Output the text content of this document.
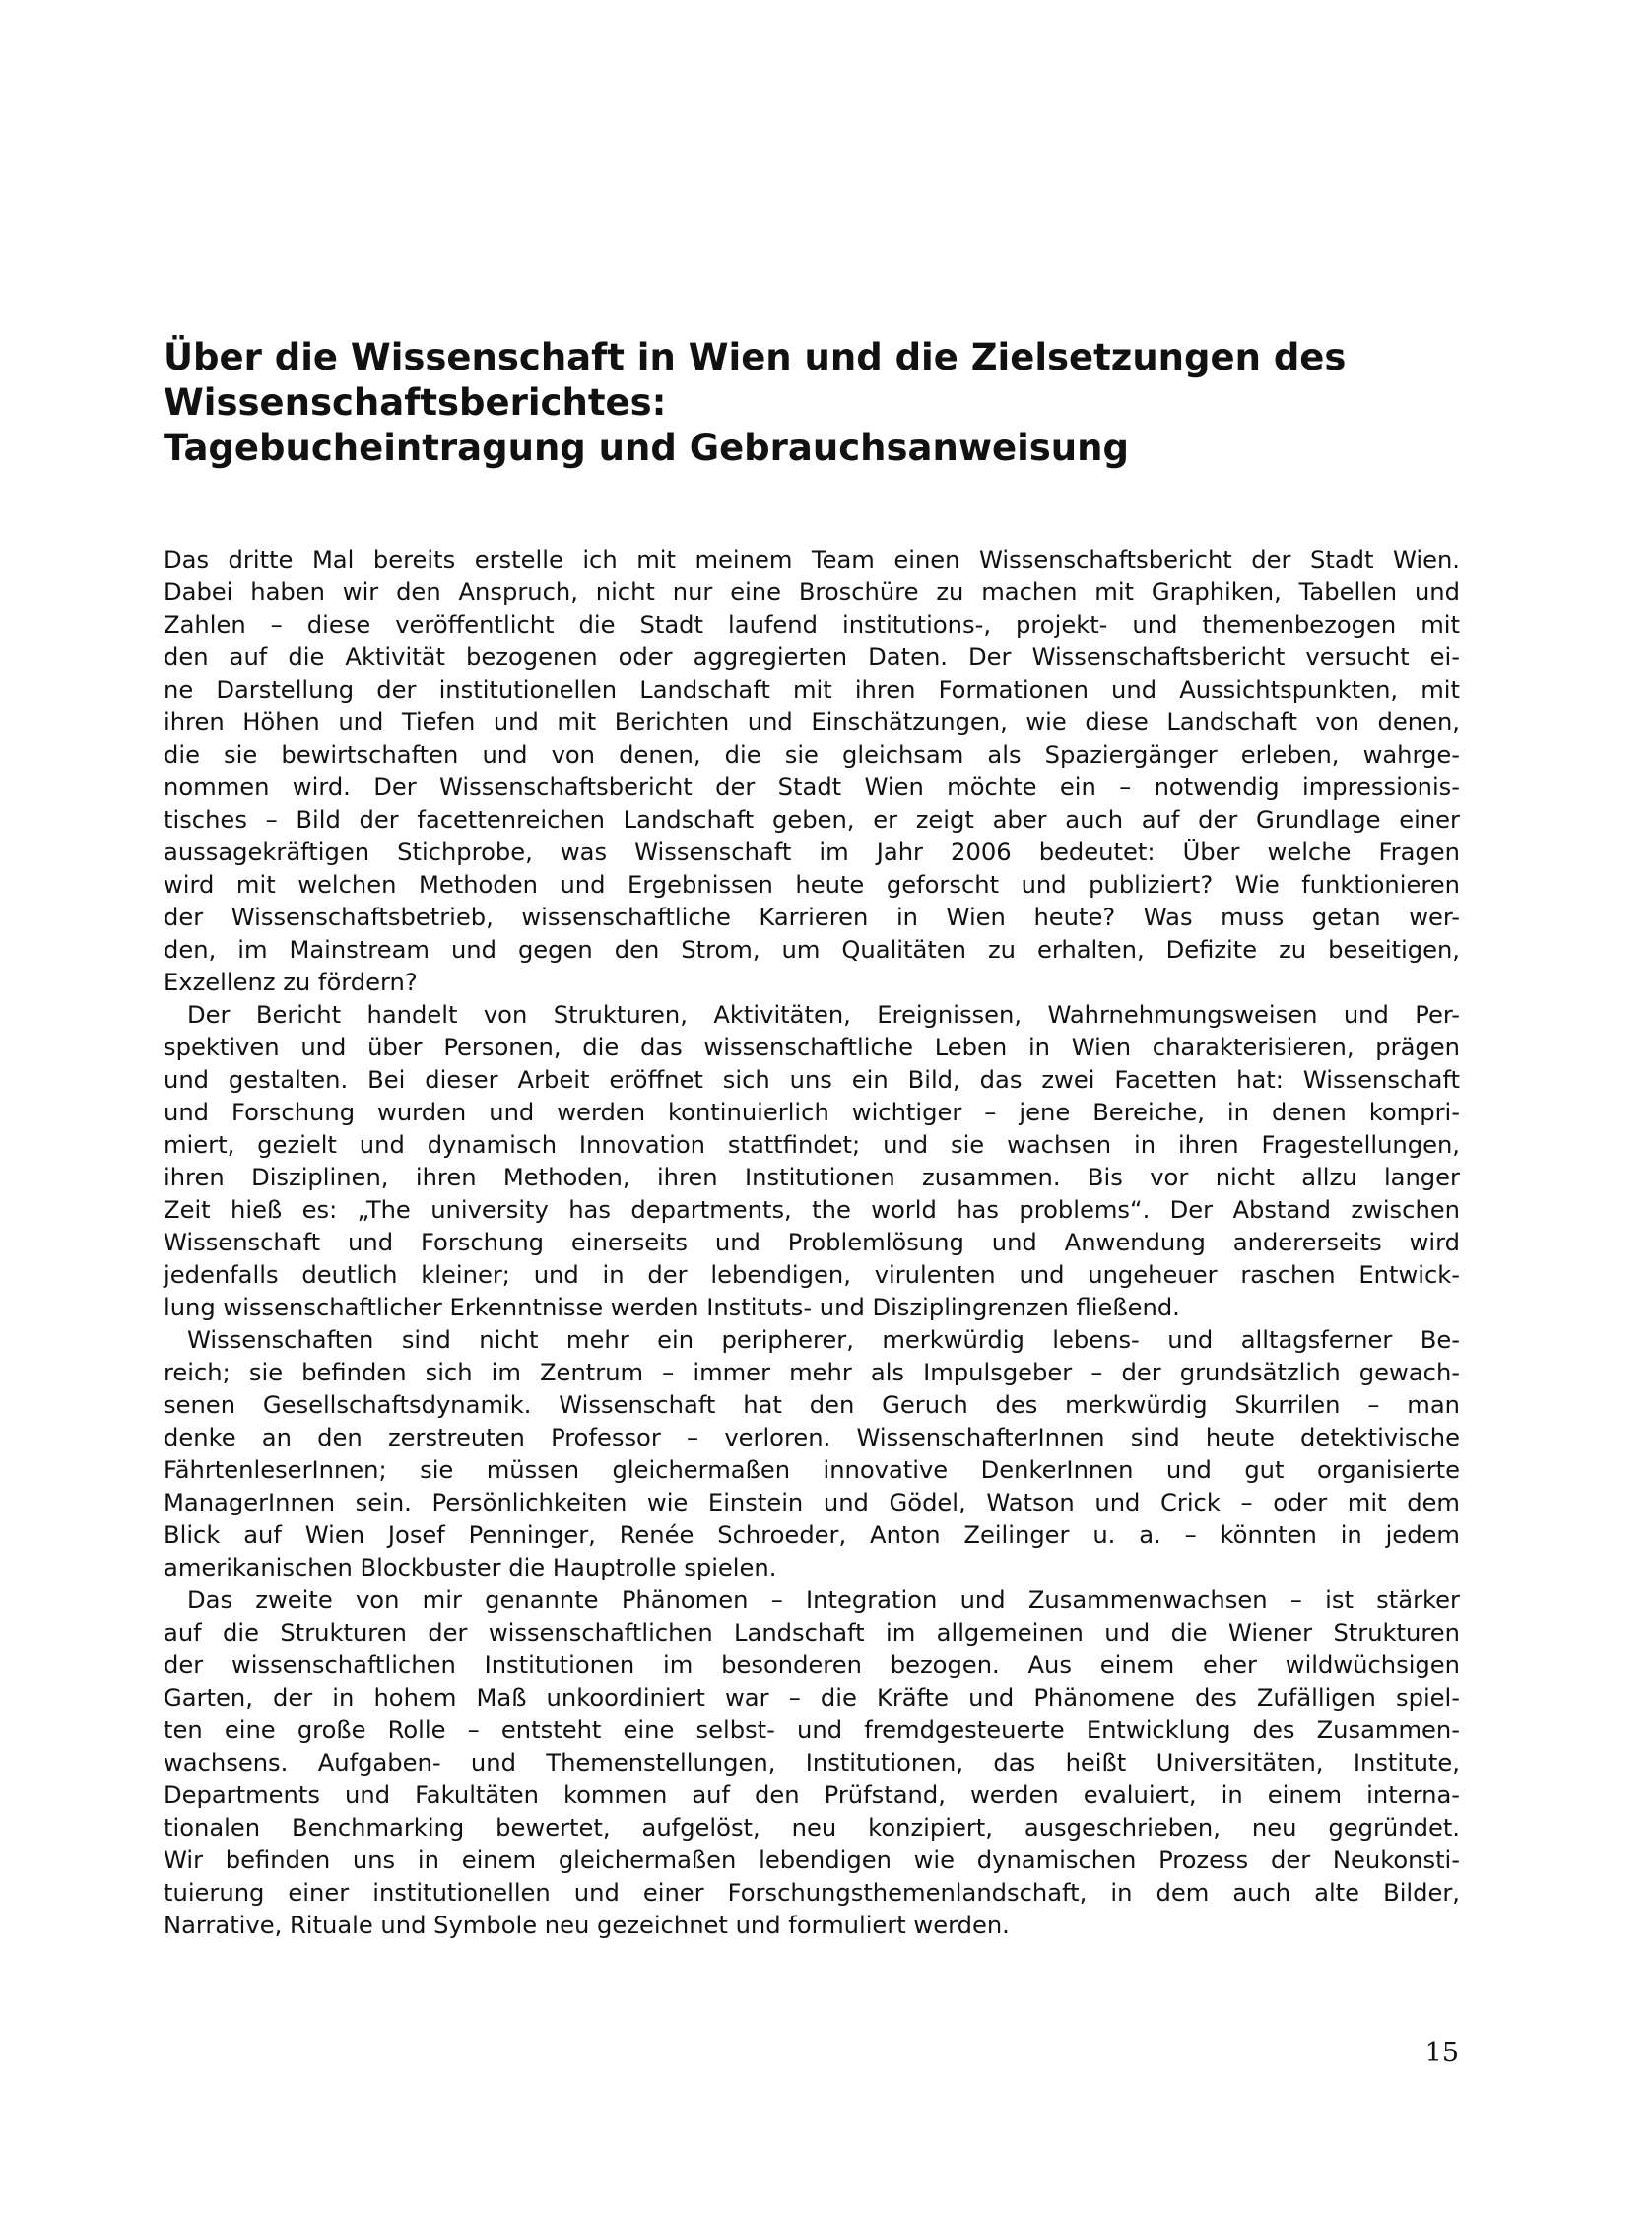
Über die Wissenschaft in Wien und die Zielsetzungen des
Wissenschaftsberichtes:
Tagebucheintragung und Gebrauchsanweisung

Das dritte Mal bereits erstelle ich mit meinem Team einen Wissenschaftsbericht der Stadt Wien.
Dabei haben wir den Anspruch, nicht nur eine Broschüre zu machen mit Graphiken, Tabellen und
Zahlen – diese veröffentlicht die Stadt laufend institutions-, projekt- und themenbezogen mit
den auf die Aktivität bezogenen oder aggregierten Daten. Der Wissenschaftsbericht versucht ei-
ne Darstellung der institutionellen Landschaft mit ihren Formationen und Aussichtspunkten, mit
ihren Höhen und Tiefen und mit Berichten und Einschätzungen, wie diese Landschaft von denen,
die sie bewirtschaften und von denen, die sie gleichsam als Spaziergänger erleben, wahrge-
nommen wird. Der Wissenschaftsbericht der Stadt Wien möchte ein – notwendig impressionis-
tisches – Bild der facettenreichen Landschaft geben, er zeigt aber auch auf der Grundlage einer
aussagekräftigen Stichprobe, was Wissenschaft im Jahr 2006 bedeutet: Über welche Fragen
wird mit welchen Methoden und Ergebnissen heute geforscht und publiziert? Wie funktionieren
der Wissenschaftsbetrieb, wissenschaftliche Karrieren in Wien heute? Was muss getan wer-
den, im Mainstream und gegen den Strom, um Qualitäten zu erhalten, Defizite zu beseitigen,
Exzellenz zu fördern?

Der Bericht handelt von Strukturen, Aktivitäten, Ereignissen, Wahrnehmungsweisen und Per-
spektiven und über Personen, die das wissenschaftliche Leben in Wien charakterisieren, prägen
und gestalten. Bei dieser Arbeit eröffnet sich uns ein Bild, das zwei Facetten hat: Wissenschaft
und Forschung wurden und werden kontinuierlich wichtiger – jene Bereiche, in denen kompri-
miert, gezielt und dynamisch Innovation stattfindet; und sie wachsen in ihren Fragestellungen,
ihren Disziplinen, ihren Methoden, ihren Institutionen zusammen. Bis vor nicht allzu langer
Zeit hieß es: „The university has departments, the world has problems“. Der Abstand zwischen
Wissenschaft und Forschung einerseits und Problemlösung und Anwendung andererseits wird
jedenfalls deutlich kleiner; und in der lebendigen, virulenten und ungeheuer raschen Entwick-
lung wissenschaftlicher Erkenntnisse werden Instituts- und Disziplingrenzen fließend.

Wissenschaften sind nicht mehr ein peripherer, merkwürdig lebens- und alltagsferner Be-
reich; sie befinden sich im Zentrum – immer mehr als Impulsgeber – der grundsätzlich gewach-
senen Gesellschaftsdynamik. Wissenschaft hat den Geruch des merkwürdig Skurrilen – man
denke an den zerstreuten Professor – verloren. WissenschafterInnen sind heute detektivische
FährtenleserInnen; sie müssen gleichermaßen innovative DenkerInnen und gut organisierte
ManagerInnen sein. Persönlichkeiten wie Einstein und Gödel, Watson und Crick – oder mit dem
Blick auf Wien Josef Penninger, Renée Schroeder, Anton Zeilinger u. a. – könnten in jedem
amerikanischen Blockbuster die Hauptrolle spielen.

Das zweite von mir genannte Phänomen – Integration und Zusammenwachsen – ist stärker
auf die Strukturen der wissenschaftlichen Landschaft im allgemeinen und die Wiener Strukturen
der wissenschaftlichen Institutionen im besonderen bezogen. Aus einem eher wildwüchsigen
Garten, der in hohem Maß unkoordiniert war – die Kräfte und Phänomene des Zufälligen spiel-
ten eine große Rolle – entsteht eine selbst- und fremdgesteuerte Entwicklung des Zusammen-
wachsens. Aufgaben- und Themenstellungen, Institutionen, das heißt Universitäten, Institute,
Departments und Fakultäten kommen auf den Prüfstand, werden evaluiert, in einem interna-
tionalen Benchmarking bewertet, aufgelöst, neu konzipiert, ausgeschrieben, neu gegründet.
Wir befinden uns in einem gleichermaßen lebendigen wie dynamischen Prozess der Neukonsti-
tuierung einer institutionellen und einer Forschungsthemenlandschaft, in dem auch alte Bilder,
Narrative, Rituale und Symbole neu gezeichnet und formuliert werden.

15
